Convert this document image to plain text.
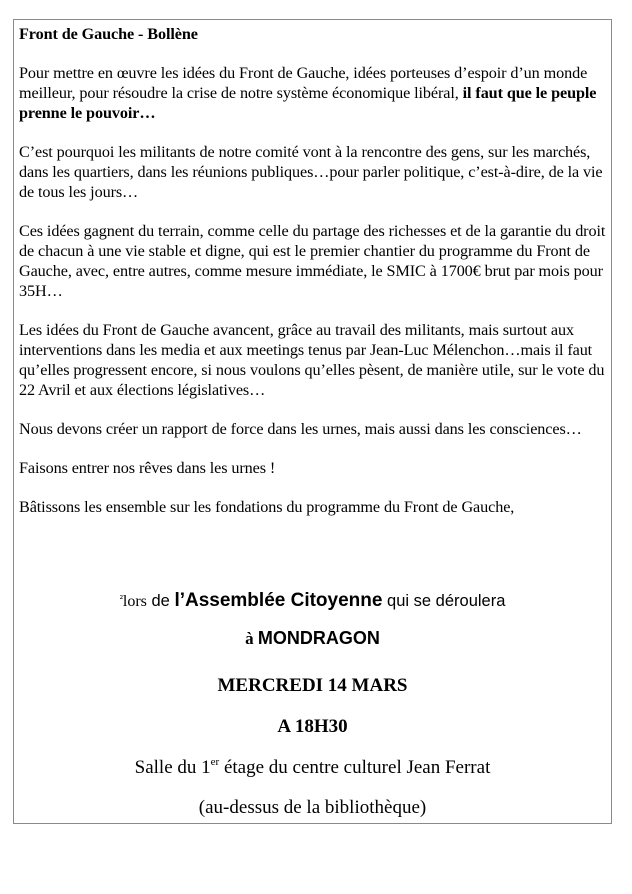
Front de Gauche - Bollène
Pour mettre en œuvre les idées du Front de Gauche, idées porteuses d’espoir d’un monde meilleur, pour résoudre la crise de notre système économique libéral, il faut que le peuple prenne le pouvoir…
C’est pourquoi les militants de notre comité vont à la rencontre des gens, sur les marchés, dans les quartiers, dans les réunions publiques…pour parler politique, c’est-à-dire, de la vie de tous les jours…
Ces idées gagnent du terrain, comme celle du partage des richesses et de la garantie du droit de chacun à une vie stable et digne, qui est le premier chantier du programme du Front de Gauche, avec, entre autres, comme mesure immédiate, le SMIC à 1700€ brut par mois pour 35H…
Les idées du Front de Gauche avancent, grâce au travail des militants, mais surtout aux interventions dans les media et aux meetings tenus par Jean-Luc Mélenchon…mais il faut qu’elles progressent encore, si nous voulons qu’elles pèsent, de manière utile, sur le vote du 22 Avril et aux élections législatives…
Nous devons créer un rapport de force dans les urnes, mais aussi dans les consciences…
Faisons entrer nos rêves dans les urnes !
Bâtissons les ensemble sur les fondations du programme du Front de Gauche,
$^{^2}$lors de l’Assemblée Citoyenne qui se déroulera
à MONDRAGON
MERCREDI 14 MARS
A 18H30
Salle du 1er étage du centre culturel Jean Ferrat
(au-dessus de la bibliothèque)
